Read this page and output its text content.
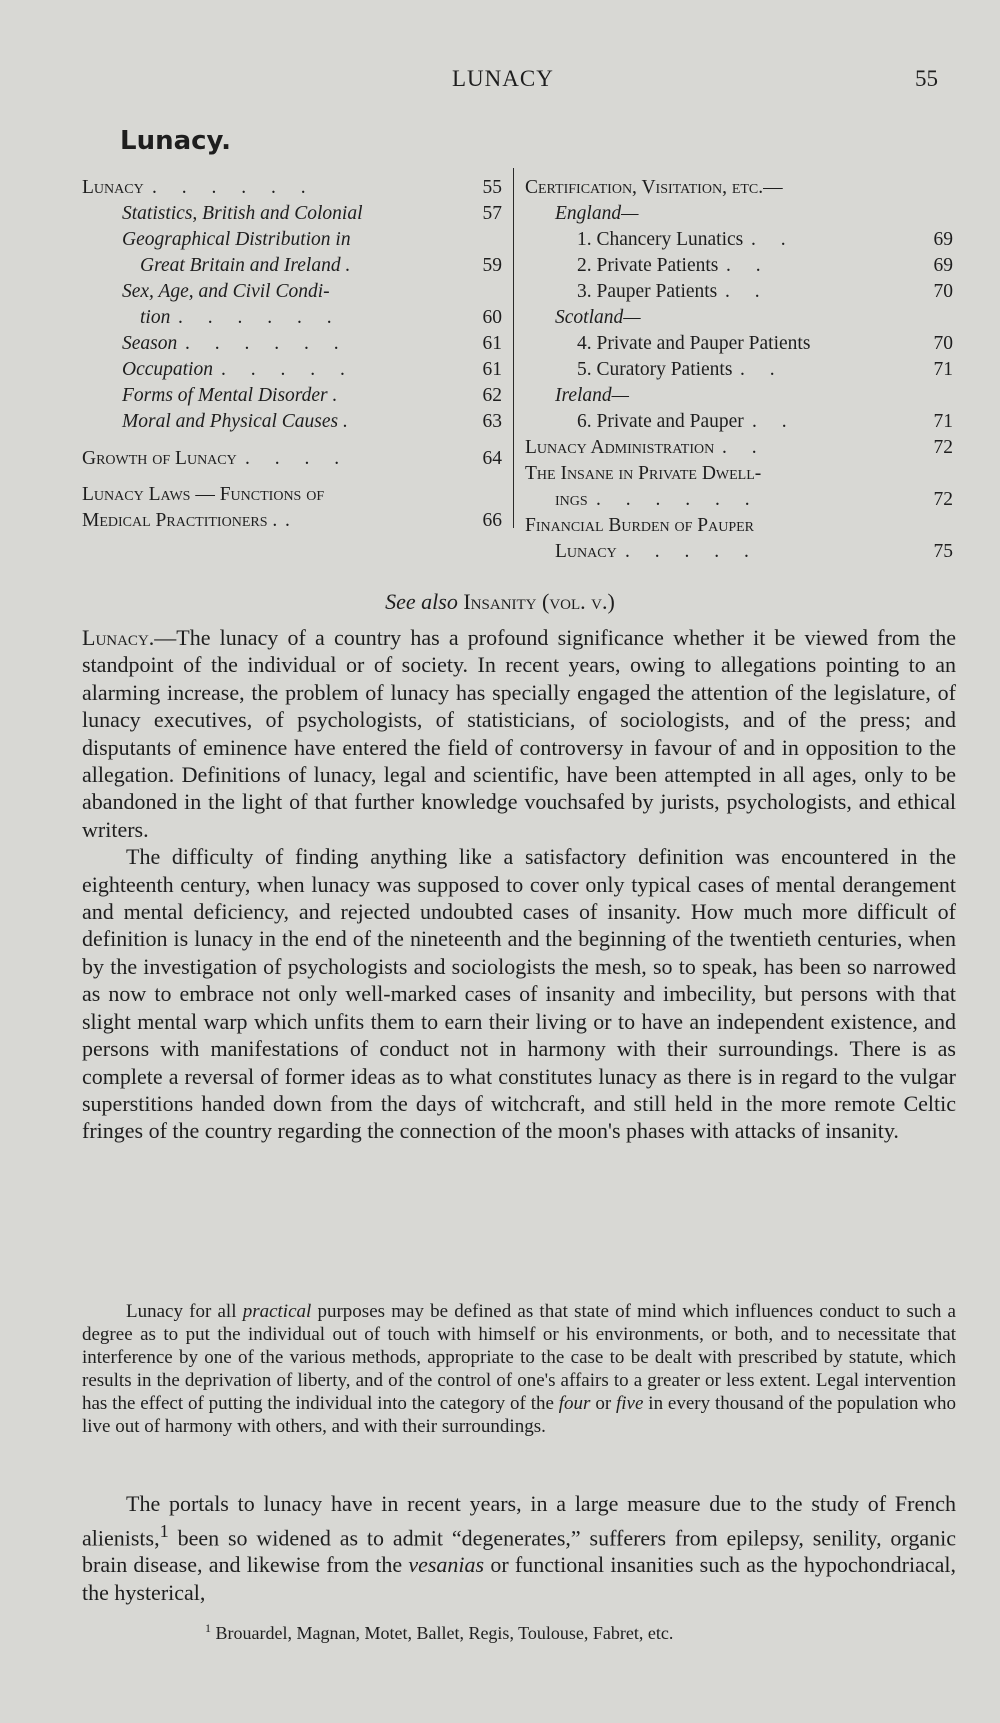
LUNACY	55
Lunacy.
Lunacy . . . . . .	55
Statistics, British and Colonial	57
Geographical Distribution in
Great Britain and Ireland .	59
Sex, Age, and Civil Condi-
tion . . . . . .	60
Season . . . . . .	61
Occupation . . . . .	61
Forms of Mental Disorder .	62
Moral and Physical Causes .	63
Growth of Lunacy . . . .	64
Lunacy Laws — Functions of
Medical Practitioners . .	66
Certification, Visitation, etc.—
England—
1. Chancery Lunatics . .	69
2. Private Patients . .	69
3. Pauper Patients . .	70
Scotland—
4. Private and Pauper Patients	70
5. Curatory Patients . .	71
Ireland—
6. Private and Pauper . .	71
Lunacy Administration . .	72
The Insane in Private Dwell-
ings . . . . . .	72
Financial Burden of Pauper
Lunacy . . . . .	75
See also Insanity (vol. v.)

Lunacy.—The lunacy of a country has a profound significance whether it be viewed from the standpoint of the individual or of society. In recent years, owing to allegations pointing to an alarming increase, the problem of lunacy has specially engaged the attention of the legislature, of lunacy executives, of psychologists, of statisticians, of sociologists, and of the press; and disputants of eminence have entered the field of controversy in favour of and in opposition to the allegation. Definitions of lunacy, legal and scientific, have been attempted in all ages, only to be abandoned in the light of that further knowledge vouchsafed by jurists, psychologists, and ethical writers.

The difficulty of finding anything like a satisfactory definition was encountered in the eighteenth century, when lunacy was supposed to cover only typical cases of mental derangement and mental deficiency, and rejected undoubted cases of insanity. How much more difficult of definition is lunacy in the end of the nineteenth and the beginning of the twentieth centuries, when by the investigation of psychologists and sociologists the mesh, so to speak, has been so narrowed as now to embrace not only well-marked cases of insanity and imbecility, but persons with that slight mental warp which unfits them to earn their living or to have an independent existence, and persons with manifestations of conduct not in harmony with their surroundings. There is as complete a reversal of former ideas as to what constitutes lunacy as there is in regard to the vulgar superstitions handed down from the days of witchcraft, and still held in the more remote Celtic fringes of the country regarding the connection of the moon's phases with attacks of insanity.

Lunacy for all practical purposes may be defined as that state of mind which influences conduct to such a degree as to put the individual out of touch with himself or his environments, or both, and to necessitate that interference by one of the various methods, appropriate to the case to be dealt with prescribed by statute, which results in the deprivation of liberty, and of the control of one's affairs to a greater or less extent. Legal intervention has the effect of putting the individual into the category of the four or five in every thousand of the population who live out of harmony with others, and with their surroundings.

The portals to lunacy have in recent years, in a large measure due to the study of French alienists,$^1$ been so widened as to admit “degenerates,” sufferers from epilepsy, senility, organic brain disease, and likewise from the vesanias or functional insanities such as the hypochondriacal, the hysterical,

$^1$ Brouardel, Magnan, Motet, Ballet, Regis, Toulouse, Fabret, etc.
